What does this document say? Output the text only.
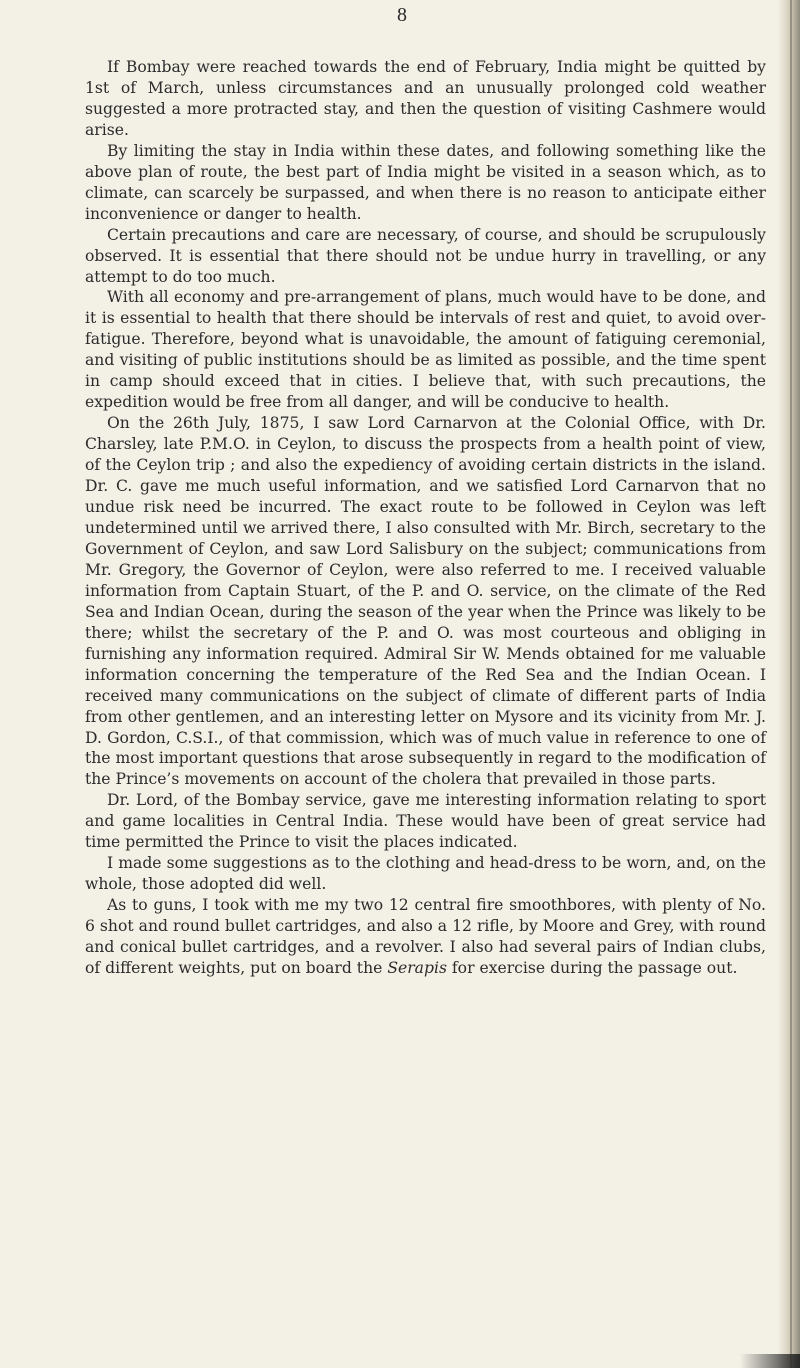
8

If Bombay were reached towards the end of February, India might be quitted by 1st of March, unless circumstances and an unusually prolonged cold weather suggested a more protracted stay, and then the question of visiting Cashmere would arise.

By limiting the stay in India within these dates, and following something like the above plan of route, the best part of India might be visited in a season which, as to climate, can scarcely be surpassed, and when there is no reason to anticipate either inconvenience or danger to health.

Certain precautions and care are necessary, of course, and should be scrupulously observed. It is essential that there should not be undue hurry in travelling, or any attempt to do too much.

With all economy and pre-arrangement of plans, much would have to be done, and it is essential to health that there should be intervals of rest and quiet, to avoid over-fatigue. Therefore, beyond what is unavoidable, the amount of fatiguing ceremonial, and visiting of public institutions should be as limited as possible, and the time spent in camp should exceed that in cities. I believe that, with such precautions, the expedition would be free from all danger, and will be conducive to health.

On the 26th July, 1875, I saw Lord Carnarvon at the Colonial Office, with Dr. Charsley, late P.M.O. in Ceylon, to discuss the prospects from a health point of view, of the Ceylon trip ; and also the expediency of avoiding certain districts in the island. Dr. C. gave me much useful information, and we satisfied Lord Carnarvon that no undue risk need be incurred. The exact route to be followed in Ceylon was left undetermined until we arrived there, I also consulted with Mr. Birch, secretary to the Government of Ceylon, and saw Lord Salisbury on the subject; communications from Mr. Gregory, the Governor of Ceylon, were also referred to me. I received valuable information from Captain Stuart, of the P. and O. service, on the climate of the Red Sea and Indian Ocean, during the season of the year when the Prince was likely to be there; whilst the secretary of the P. and O. was most courteous and obliging in furnishing any information required. Admiral Sir W. Mends obtained for me valuable information concerning the temperature of the Red Sea and the Indian Ocean. I received many communications on the subject of climate of different parts of India from other gentlemen, and an interesting letter on Mysore and its vicinity from Mr. J. D. Gordon, C.S.I., of that commission, which was of much value in reference to one of the most important questions that arose subsequently in regard to the modification of the Prince’s movements on account of the cholera that prevailed in those parts.

Dr. Lord, of the Bombay service, gave me interesting information relating to sport and game localities in Central India. These would have been of great service had time permitted the Prince to visit the places indicated.

I made some suggestions as to the clothing and head-dress to be worn, and, on the whole, those adopted did well.

As to guns, I took with me my two 12 central fire smoothbores, with plenty of No. 6 shot and round bullet cartridges, and also a 12 rifle, by Moore and Grey, with round and conical bullet cartridges, and a revolver. I also had several pairs of Indian clubs, of different weights, put on board the Serapis for exercise during the passage out.
